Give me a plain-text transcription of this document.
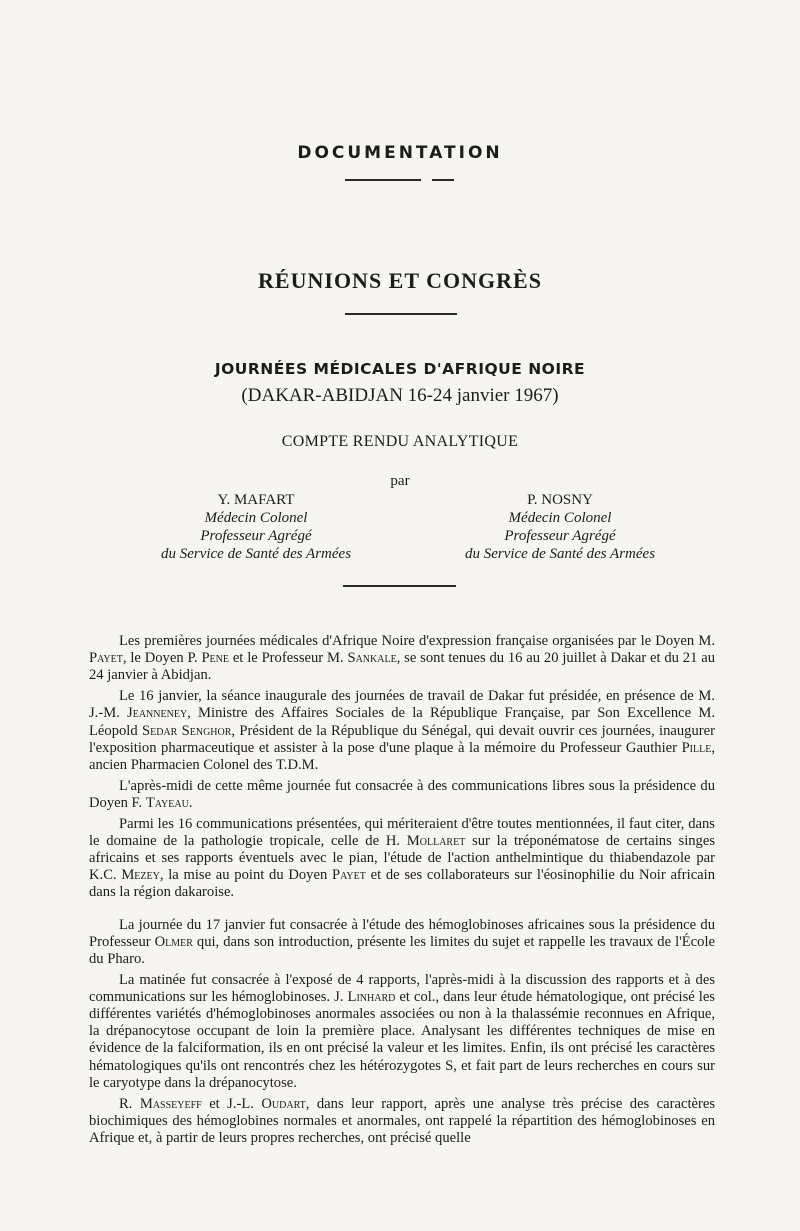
DOCUMENTATION
RÉUNIONS ET CONGRÈS
JOURNÉES MÉDICALES D'AFRIQUE NOIRE
(DAKAR-ABIDJAN 16-24 janvier 1967)
COMPTE RENDU ANALYTIQUE
par
Y. MAFART
Médecin Colonel
Professeur Agrégé
du Service de Santé des Armées
P. NOSNY
Médecin Colonel
Professeur Agrégé
du Service de Santé des Armées

Les premières journées médicales d'Afrique Noire d'expression française organisées par le Doyen M. Payet, le Doyen P. Pene et le Professeur M. Sankale, se sont tenues du 16 au 20 juillet à Dakar et du 21 au 24 janvier à Abidjan.

Le 16 janvier, la séance inaugurale des journées de travail de Dakar fut présidée, en présence de M. J.-M. Jeanneney, Ministre des Affaires Sociales de la République Française, par Son Excellence M. Léopold Sedar Senghor, Président de la République du Sénégal, qui devait ouvrir ces journées, inaugurer l'exposition pharmaceutique et assister à la pose d'une plaque à la mémoire du Professeur Gauthier Pille, ancien Pharmacien Colonel des T.D.M.

L'après-midi de cette même journée fut consacrée à des communications libres sous la présidence du Doyen F. Tayeau.

Parmi les 16 communications présentées, qui mériteraient d'être toutes mentionnées, il faut citer, dans le domaine de la pathologie tropicale, celle de H. Mollaret sur la tréponématose de certains singes africains et ses rapports éventuels avec le pian, l'étude de l'action anthelmintique du thiabendazole par K.C. Mezey, la mise au point du Doyen Payet et de ses collaborateurs sur l'éosinophilie du Noir africain dans la région dakaroise.

La journée du 17 janvier fut consacrée à l'étude des hémoglobinoses africaines sous la présidence du Professeur Olmer qui, dans son introduction, présente les limites du sujet et rappelle les travaux de l'École du Pharo.

La matinée fut consacrée à l'exposé de 4 rapports, l'après-midi à la discussion des rapports et à des communications sur les hémoglobinoses. J. Linhard et col., dans leur étude hématologique, ont précisé les différentes variétés d'hémoglobinoses anormales associées ou non à la thalassémie reconnues en Afrique, la drépanocytose occupant de loin la première place. Analysant les différentes techniques de mise en évidence de la falciformation, ils en ont précisé la valeur et les limites. Enfin, ils ont précisé les caractères hématologiques qu'ils ont rencontrés chez les hétérozygotes S, et fait part de leurs recherches en cours sur le caryotype dans la drépanocytose.

R. Masseyeff et J.-L. Oudart, dans leur rapport, après une analyse très précise des caractères biochimiques des hémoglobines normales et anormales, ont rappelé la répartition des hémoglobinoses en Afrique et, à partir de leurs propres recherches, ont précisé quelle
